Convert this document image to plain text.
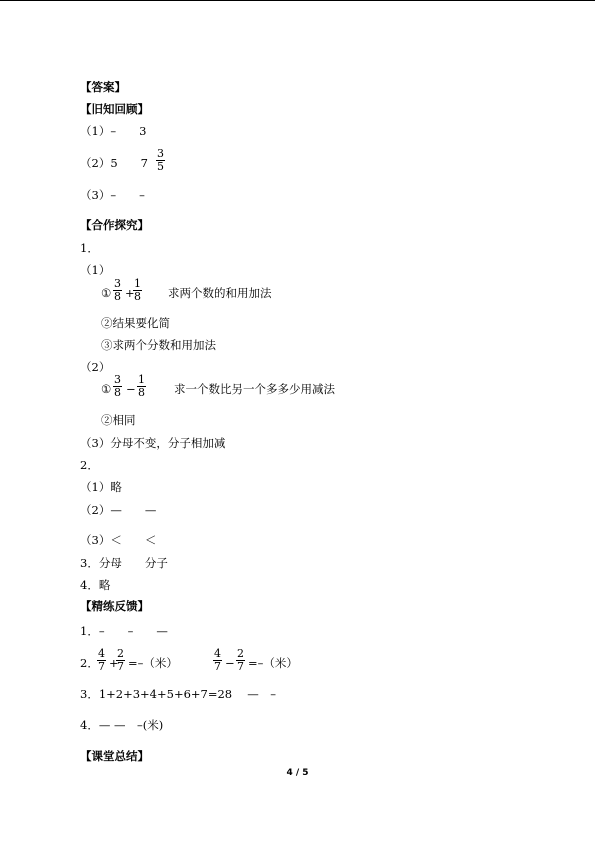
【答案】
【旧知回顾】
（1）–　　3
（2）5　　$7 \frac{3}{5}$
（3）–　　–
【合作探究】
1．
（1）
① $\frac{3}{8}$ +
$\frac{1}{8}$ 求两个数的和用加法
②结果要化简
③求两个分数和用加法
（2）
① $\frac{3}{8} - \frac{1}{8}$ 求一个数比另一个多多少用减法
②相同
（3）分母不变，分子相加减
2．
（1）略
（2）—　　—
（3）＜　　＜
3．分母　　分子
4．略
【精练反馈】
1．–　　–　　—
2．
$\frac{4}{7}$ +
$\frac{2}{7}$ =–（米）	$\frac{4}{7} - \frac{2}{7}$ =–（米）
3．1+2+3+4+5+6+7=28　 —　–
4．— —　–(米)
【课堂总结】
4 / 5
